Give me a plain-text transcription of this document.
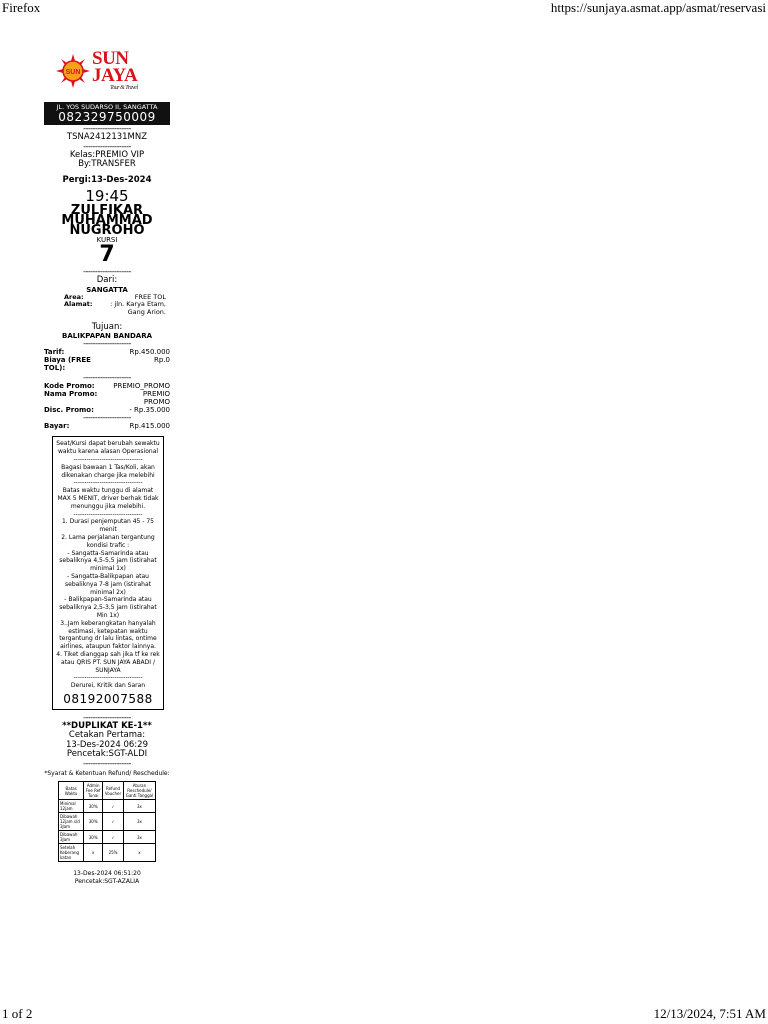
Firefox	https://sunjaya.asmat.app/asmat/reservasi
SUN
SUN
JAYA
Tour & Travel
JL. YOS SUDARSO II, SANGATTA
082329750009
--------------------
TSNA2412131MNZ
--------------------
Kelas:PREMIO VIP
By:TRANSFER
Pergi:13-Des-2024
19:45
ZULFIKAR MUHAMMAD NUGROHO
KURSI
7
--------------------
Dari:
SANGATTA
Area:	FREE TOL
Alamat:	: jln. Karya Etam, Gang Arion.
Tujuan:
BALIKPAPAN BANDARA
--------------------
Tarif:	Rp.450.000
Biaya (FREE TOL):
Rp.0
--------------------
Kode Promo:	PREMIO_PROMO
Nama Promo:	PREMIO PROMO
Disc. Promo:	- Rp.35.000
--------------------
Bayar:	Rp.415.000
Seat/Kursi dapat berubah sewaktu waktu karena alasan Operasional
--------------------------------
Bagasi bawaan 1 Tas/Koli, akan dikenakan charge jika melebihi
--------------------------------
Batas waktu tunggu di alamat MAX 5 MENIT, driver berhak tidak menunggu jika melebihi.
--------------------------------
1. Durasi penjemputan 45 - 75 menit
2. Lama perjalanan tergantung kondisi trafic :
- Sangatta-Samarinda atau sebaliknya 4,5-5,5 jam (istirahat minimal 1x)
- Sangatta-Balikpapan atau sebaliknya 7-8 jam (istirahat minimal 2x)
- Balikpapan-Samarinda atau sebaliknya 2,5-3,5 jam (istirahat Min 1x)
3..Jam keberangkatan hanyalah estimasi, ketepatan waktu tergantung dr lalu lintas, ontime airlines, ataupun faktor lainnya.
4. Tiket dianggap sah jika tf ke rek atau QRIS PT. SUN JAYA ABADI / SUNJAYA
--------------------------------
Derurei, Kritik dan Saran
08192007588
--------------------
**DUPLIKAT KE-1**
Cetakan Pertama:
13-Des-2024 06:29
Pencetak:SGT-ALDI
--------------------
*Syarat & Ketentuan Refund/ Reschedule:
Batas Waktu	Admin Fee Ref Tunai	Refund Voucher	Aturan Reschedule/ Ganti Tanggal
Minimal 12jam	30%	✓	3x
Dibawah 12jam s/d 3Jam	30%	✓	3x
Dibawah 3Jam	30%	✓	3x
Setelah Keberang katan	x	25%	x
13-Des-2024 06:51:20
Pencetak:SGT-AZALIA
1 of 2	12/13/2024, 7:51 AM
